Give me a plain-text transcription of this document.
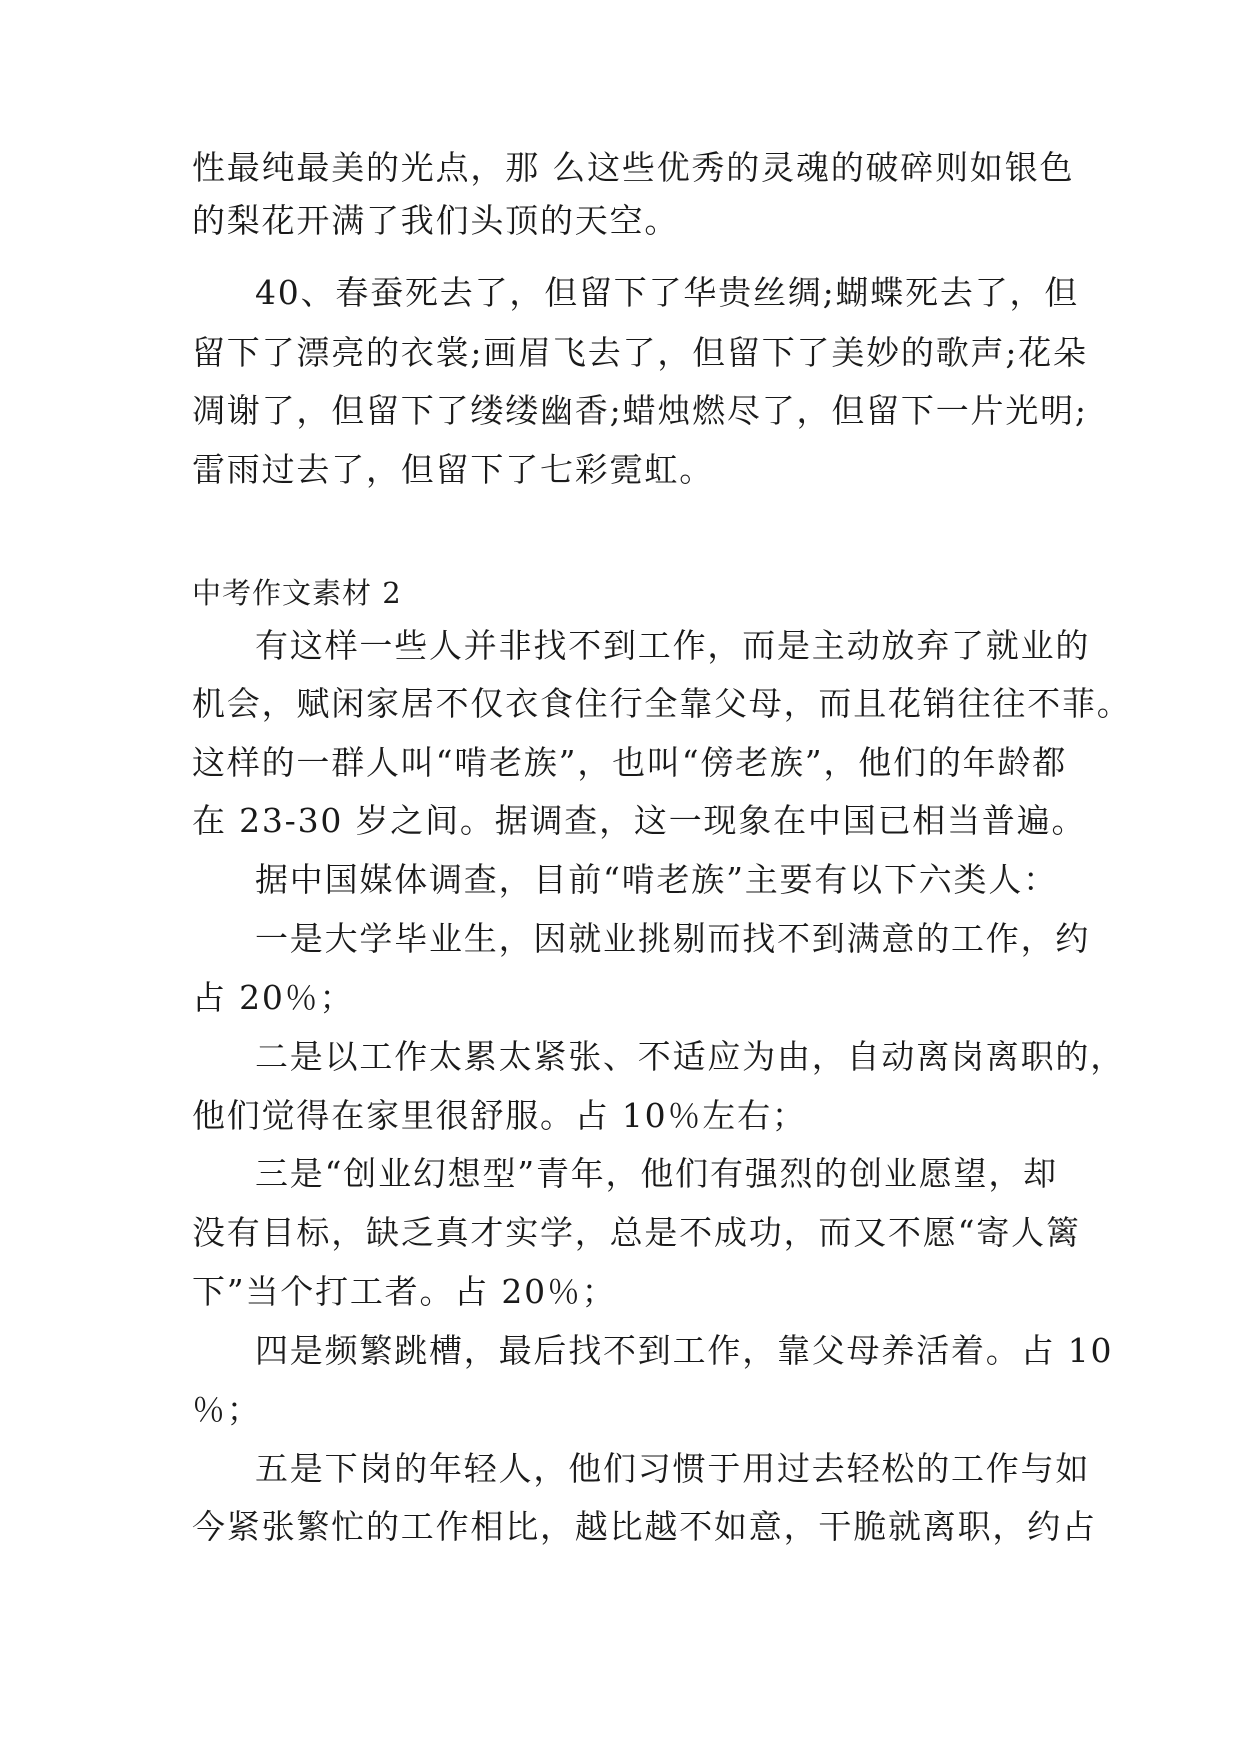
性最纯最美的光点，那 么这些优秀的灵魂的破碎则如银色
的梨花开满了我们头顶的天空。
40、春蚕死去了，但留下了华贵丝绸;蝴蝶死去了，但
留下了漂亮的衣裳;画眉飞去了，但留下了美妙的歌声;花朵
凋谢了，但留下了缕缕幽香;蜡烛燃尽了，但留下一片光明;
雷雨过去了，但留下了七彩霓虹。
中考作文素材 2
有这样一些人并非找不到工作，而是主动放弃了就业的
机会，赋闲家居不仅衣食住行全靠父母，而且花销往往不菲。
这样的一群人叫“啃老族”，也叫“傍老族”，他们的年龄都
在 23-30 岁之间。据调查，这一现象在中国已相当普遍。
据中国媒体调查，目前“啃老族”主要有以下六类人：
一是大学毕业生，因就业挑剔而找不到满意的工作，约
占 20％；
二是以工作太累太紧张、不适应为由，自动离岗离职的，
他们觉得在家里很舒服。占 10％左右；
三是“创业幻想型”青年，他们有强烈的创业愿望，却
没有目标，缺乏真才实学，总是不成功，而又不愿“寄人篱
下”当个打工者。占 20％；
四是频繁跳槽，最后找不到工作，靠父母养活着。占 10
％；
五是下岗的年轻人，他们习惯于用过去轻松的工作与如
今紧张繁忙的工作相比，越比越不如意，干脆就离职，约占
